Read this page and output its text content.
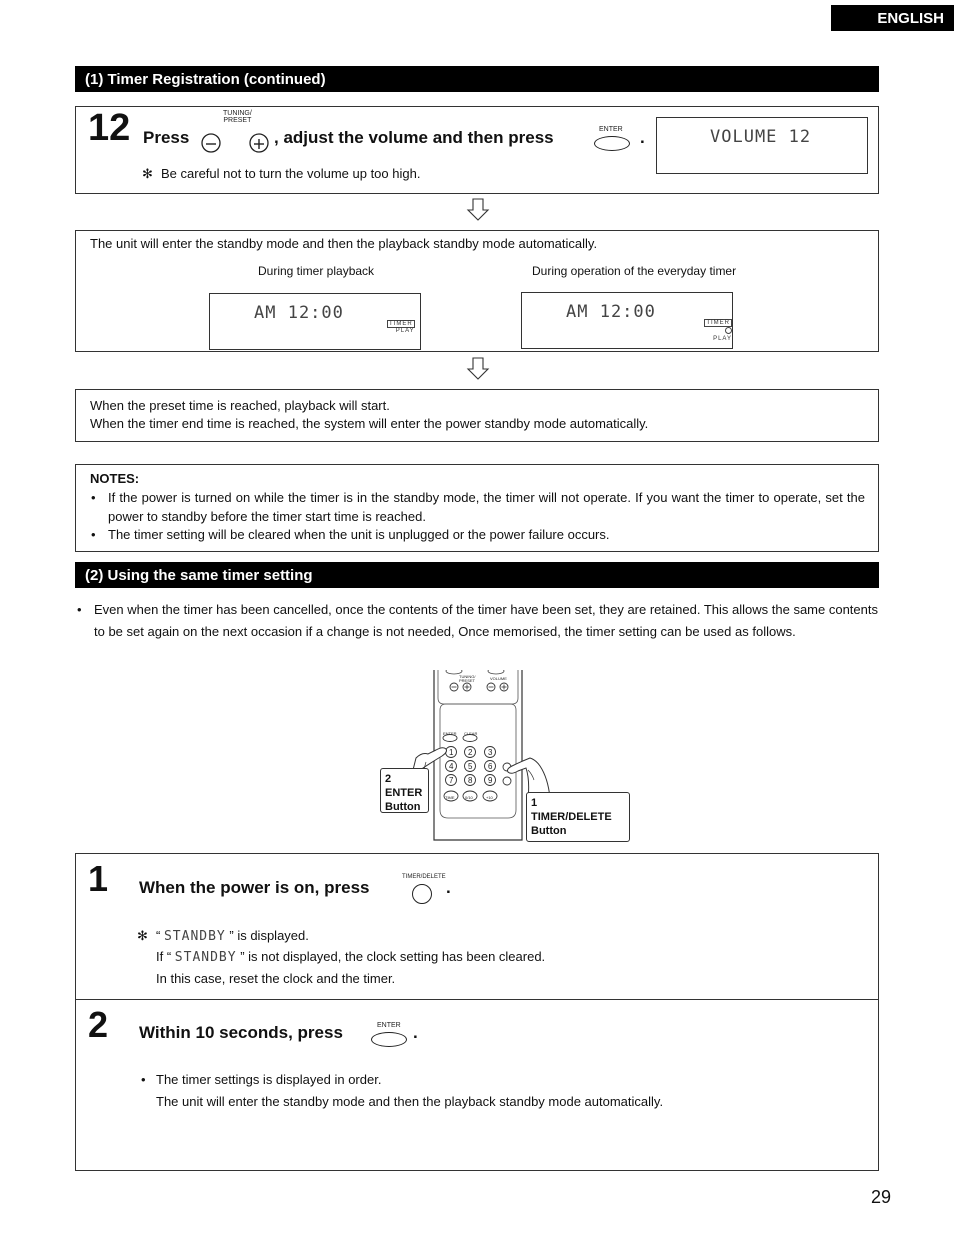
ENGLISH
(1) Timer Registration (continued)
12 Press
TUNING/
PRESET
, adjust the volume and then press	ENTER .
✻ Be careful not to turn the volume up too high.
VOLUME 12
The unit will enter the standby mode and then the playback standby mode automatically.
During timer playback	During operation of the everyday timer
AM 12:00
TIMER
PLAY
AM 12:00
TIMER
PLAY
When the preset time is reached, playback will start.
When the timer end time is reached, the system will enter the power standby mode automatically.
NOTES:
• If the power is turned on while the timer is in the standby mode, the timer will not operate. If you want the timer to operate, set the power to standby before the timer start time is reached.
• The timer setting will be cleared when the unit is unplugged or the power failure occurs.
(2) Using the same timer setting
• Even when the timer has been cancelled, once the contents of the timer have been set, they are retained. This allows the same contents to be set again on the next occasion if a change is not needed, Once memorised, the timer setting can be used as follows.
TUNING/
PRESET	VOLUME
ENTER CLEAR
1 2 3
4 5 6
7 8 9
TIME	0/10	+10
2
ENTER
Button	1
TIMER/DELETE
Button
1 When the power is on, press
TIMER/DELETE
.
✻ “ STANDBY ” is displayed.
If “ STANDBY ” is not displayed, the clock setting has been cleared.
In this case, reset the clock and the timer.
2 Within 10 seconds, press	ENTER .
• The timer settings is displayed in order.
The unit will enter the standby mode and then the playback standby mode automatically.
29
